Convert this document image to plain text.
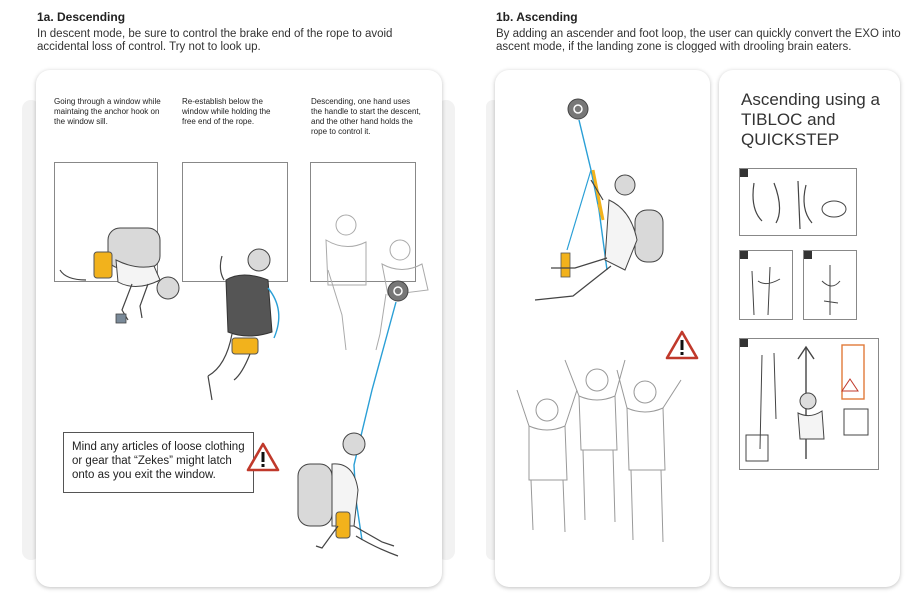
1a. Descending
In descent mode, be sure to control the brake end of the rope to avoid accidental loss of control. Try not to look up.
1b. Ascending
By adding an ascender and foot loop, the user can quickly convert the EXO into ascent mode, if the landing zone is clogged with drooling brain eaters.
Going through a window while maintaing the anchor hook on the window sill.
Re-establish below the window while holding the free end of the rope.
Descending, one hand uses the handle to start the descent, and the other hand holds the rope to control it.
Mind any articles of loose clothing or gear that “Zekes” might latch onto as you exit the window.
Ascending using a TIBLOC and QUICKSTEP
